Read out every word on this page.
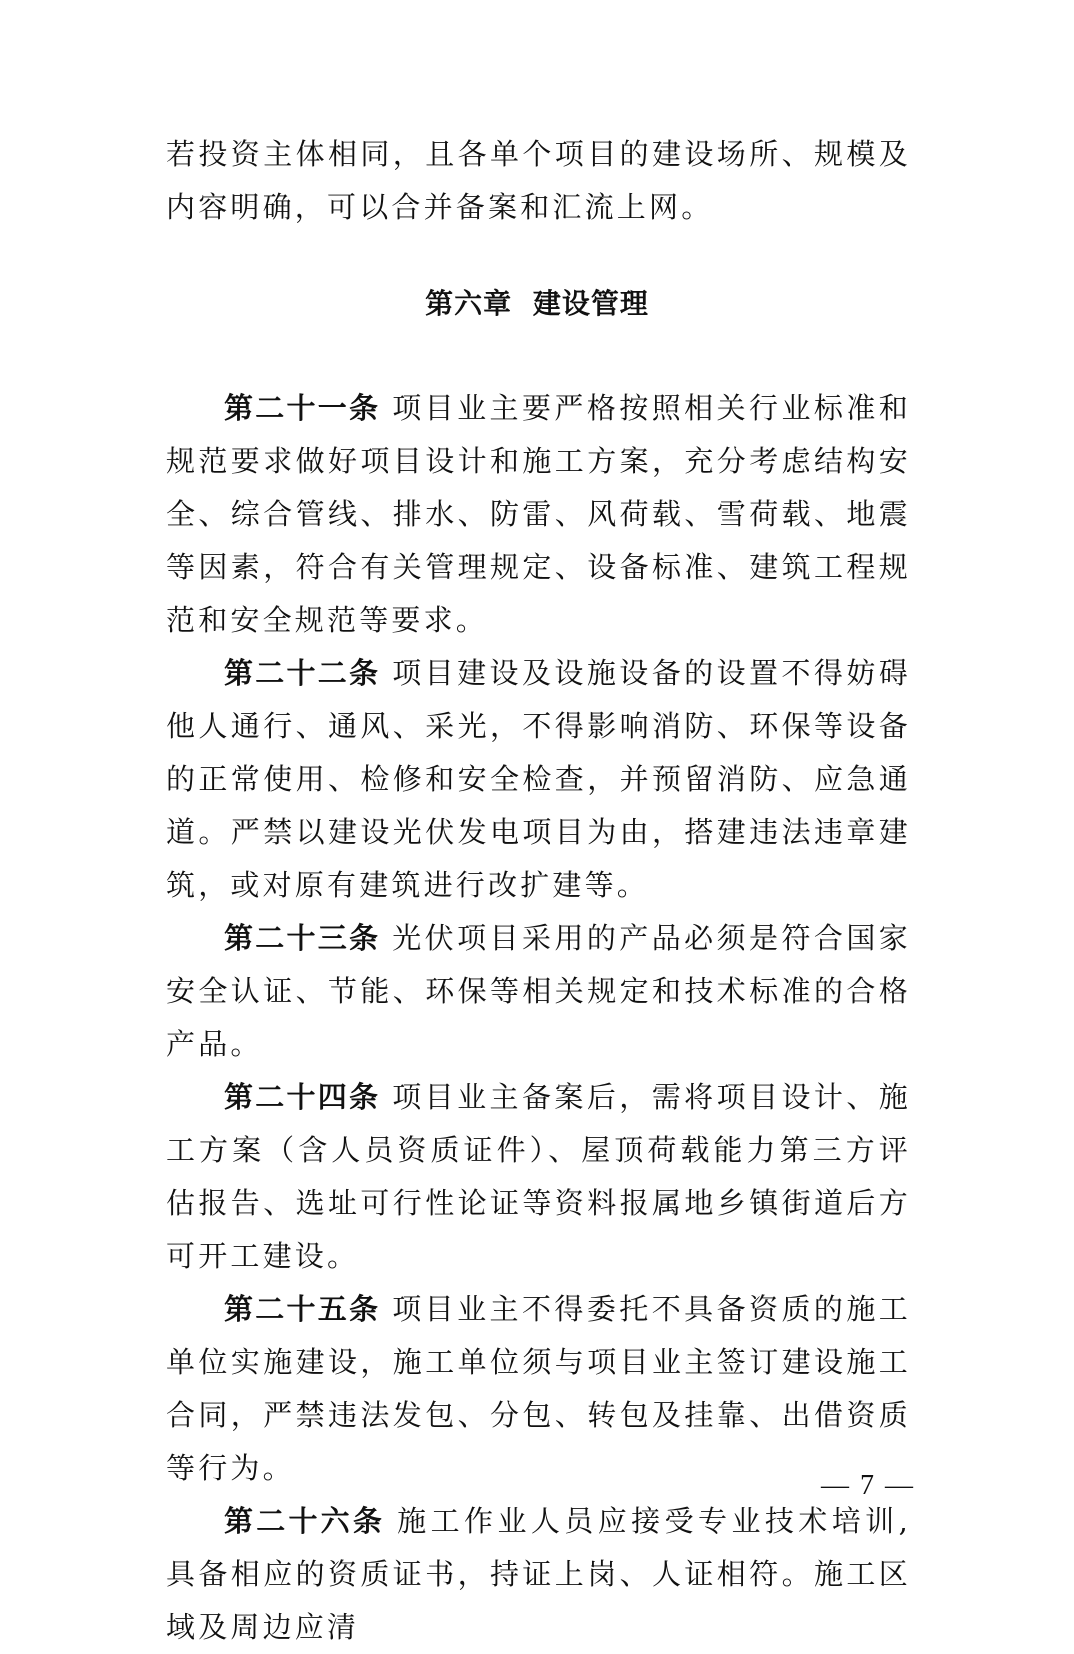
若投资主体相同，且各单个项目的建设场所、规模及内容明确，可以合并备案和汇流上网。

第六章 建设管理

第二十一条 项目业主要严格按照相关行业标准和规范要求做好项目设计和施工方案，充分考虑结构安全、综合管线、排水、防雷、风荷载、雪荷载、地震等因素，符合有关管理规定、设备标准、建筑工程规范和安全规范等要求。

第二十二条 项目建设及设施设备的设置不得妨碍他人通行、通风、采光，不得影响消防、环保等设备的正常使用、检修和安全检查，并预留消防、应急通道。严禁以建设光伏发电项目为由，搭建违法违章建筑，或对原有建筑进行改扩建等。

第二十三条 光伏项目采用的产品必须是符合国家安全认证、节能、环保等相关规定和技术标准的合格产品。

第二十四条 项目业主备案后，需将项目设计、施工方案（含人员资质证件）、屋顶荷载能力第三方评估报告、选址可行性论证等资料报属地乡镇街道后方可开工建设。

第二十五条 项目业主不得委托不具备资质的施工单位实施建设，施工单位须与项目业主签订建设施工合同，严禁违法发包、分包、转包及挂靠、出借资质等行为。

第二十六条 施工作业人员应接受专业技术培训,具备相应的资质证书，持证上岗、人证相符。施工区域及周边应清

— 7 —
